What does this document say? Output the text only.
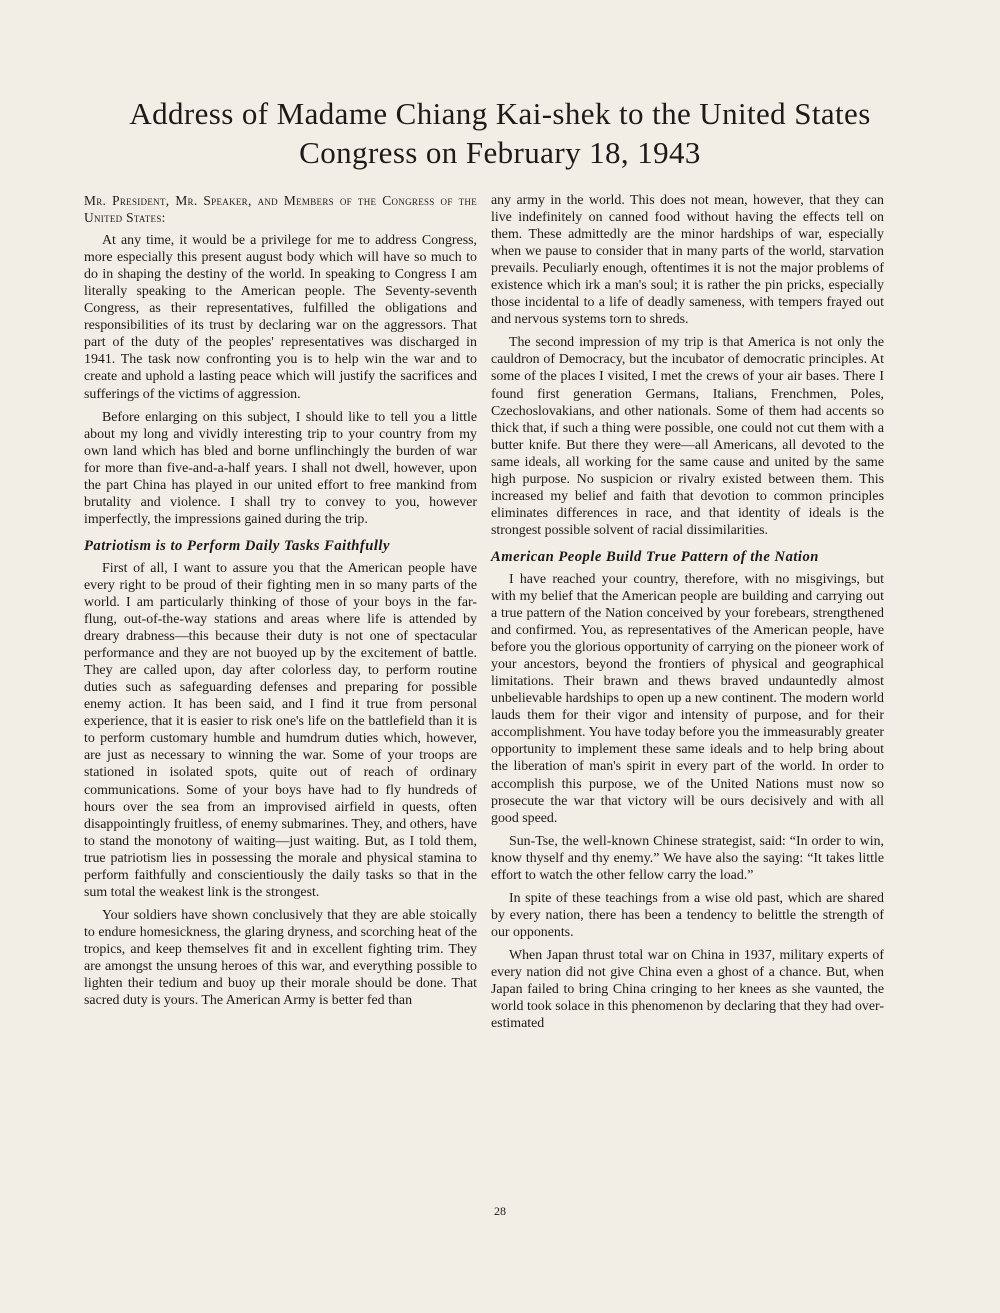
Address of Madame Chiang Kai-shek to the United States
Congress on February 18, 1943

Mr. President, Mr. Speaker, and Members of the Congress of the United States:

At any time, it would be a privilege for me to address Congress, more especially this present august body which will have so much to do in shaping the destiny of the world. In speaking to Congress I am literally speaking to the American people. The Seventy-seventh Congress, as their representatives, fulfilled the obligations and responsibilities of its trust by declaring war on the aggressors. That part of the duty of the peoples' representatives was discharged in 1941. The task now confronting you is to help win the war and to create and uphold a lasting peace which will justify the sacrifices and sufferings of the victims of aggression.

Before enlarging on this subject, I should like to tell you a little about my long and vividly interesting trip to your country from my own land which has bled and borne unflinchingly the burden of war for more than five-and-a-half years. I shall not dwell, however, upon the part China has played in our united effort to free mankind from brutality and violence. I shall try to convey to you, however imperfectly, the impressions gained during the trip.

Patriotism is to Perform Daily Tasks Faithfully

First of all, I want to assure you that the American people have every right to be proud of their fighting men in so many parts of the world. I am particularly thinking of those of your boys in the far-flung, out-of-the-way stations and areas where life is attended by dreary drabness—this because their duty is not one of spectacular performance and they are not buoyed up by the excitement of battle. They are called upon, day after colorless day, to perform routine duties such as safeguarding defenses and preparing for possible enemy action. It has been said, and I find it true from personal experience, that it is easier to risk one's life on the battlefield than it is to perform customary humble and humdrum duties which, however, are just as necessary to winning the war. Some of your troops are stationed in isolated spots, quite out of reach of ordinary communications. Some of your boys have had to fly hundreds of hours over the sea from an improvised airfield in quests, often disappointingly fruitless, of enemy submarines. They, and others, have to stand the monotony of waiting—just waiting. But, as I told them, true patriotism lies in possessing the morale and physical stamina to perform faithfully and conscientiously the daily tasks so that in the sum total the weakest link is the strongest.

Your soldiers have shown conclusively that they are able stoically to endure homesickness, the glaring dryness, and scorching heat of the tropics, and keep themselves fit and in excellent fighting trim. They are amongst the unsung heroes of this war, and everything possible to lighten their tedium and buoy up their morale should be done. That sacred duty is yours. The American Army is better fed than

any army in the world. This does not mean, however, that they can live indefinitely on canned food without having the effects tell on them. These admittedly are the minor hardships of war, especially when we pause to consider that in many parts of the world, starvation prevails. Peculiarly enough, oftentimes it is not the major problems of existence which irk a man's soul; it is rather the pin pricks, especially those incidental to a life of deadly sameness, with tempers frayed out and nervous systems torn to shreds.

The second impression of my trip is that America is not only the cauldron of Democracy, but the incubator of democratic principles. At some of the places I visited, I met the crews of your air bases. There I found first generation Germans, Italians, Frenchmen, Poles, Czechoslovakians, and other nationals. Some of them had accents so thick that, if such a thing were possible, one could not cut them with a butter knife. But there they were—all Americans, all devoted to the same ideals, all working for the same cause and united by the same high purpose. No suspicion or rivalry existed between them. This increased my belief and faith that devotion to common principles eliminates differences in race, and that identity of ideals is the strongest possible solvent of racial dissimilarities.

American People Build True Pattern of the Nation

I have reached your country, therefore, with no misgivings, but with my belief that the American people are building and carrying out a true pattern of the Nation conceived by your forebears, strengthened and confirmed. You, as representatives of the American people, have before you the glorious opportunity of carrying on the pioneer work of your ancestors, beyond the frontiers of physical and geographical limitations. Their brawn and thews braved undauntedly almost unbelievable hardships to open up a new continent. The modern world lauds them for their vigor and intensity of purpose, and for their accomplishment. You have today before you the immeasurably greater opportunity to implement these same ideals and to help bring about the liberation of man's spirit in every part of the world. In order to accomplish this purpose, we of the United Nations must now so prosecute the war that victory will be ours decisively and with all good speed.

Sun-Tse, the well-known Chinese strategist, said: “In order to win, know thyself and thy enemy.” We have also the saying: “It takes little effort to watch the other fellow carry the load.”

In spite of these teachings from a wise old past, which are shared by every nation, there has been a tendency to belittle the strength of our opponents.

When Japan thrust total war on China in 1937, military experts of every nation did not give China even a ghost of a chance. But, when Japan failed to bring China cringing to her knees as she vaunted, the world took solace in this phenomenon by declaring that they had over-estimated

28
